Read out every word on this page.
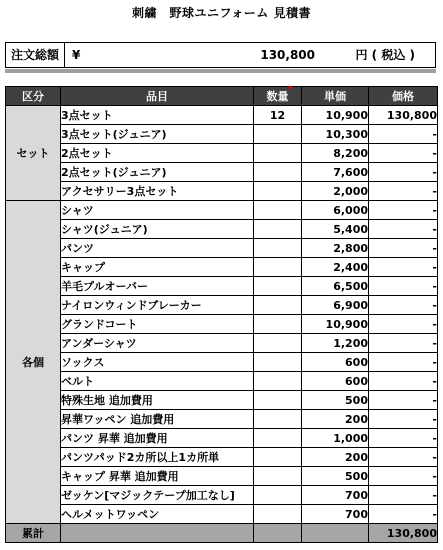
刺繍　野球ユニフォーム 見積書
注文総額	¥	130,800	円 ( 税込 )
区分	品目	数量	単価	価格
セット	3点セット	12	10,900	130,800
	3点セット(ジュニア)		10,300	-
	2点セット		8,200	-
	2点セット(ジュニア)		7,600	-
	アクセサリー3点セット		2,000	-
各個	シャツ		6,000	-
	シャツ(ジュニア)		5,400	-
	パンツ		2,800	-
	キャップ		2,400	-
	羊毛プルオーバー		6,500	-
	ナイロンウィンドブレーカー		6,900	-
	グランドコート		10,900	-
	アンダーシャツ		1,200	-
	ソックス		600	-
	ベルト		600	-
	特殊生地 追加費用		500	-
	昇華ワッペン 追加費用		200	-
	パンツ 昇華 追加費用		1,000	-
	パンツパッド2カ所以上1カ所単		200	-
	キャップ 昇華 追加費用		500	-
	ゼッケン[マジックテープ加工なし]		700	-
	ヘルメットワッペン		700	-
累計				130,800
